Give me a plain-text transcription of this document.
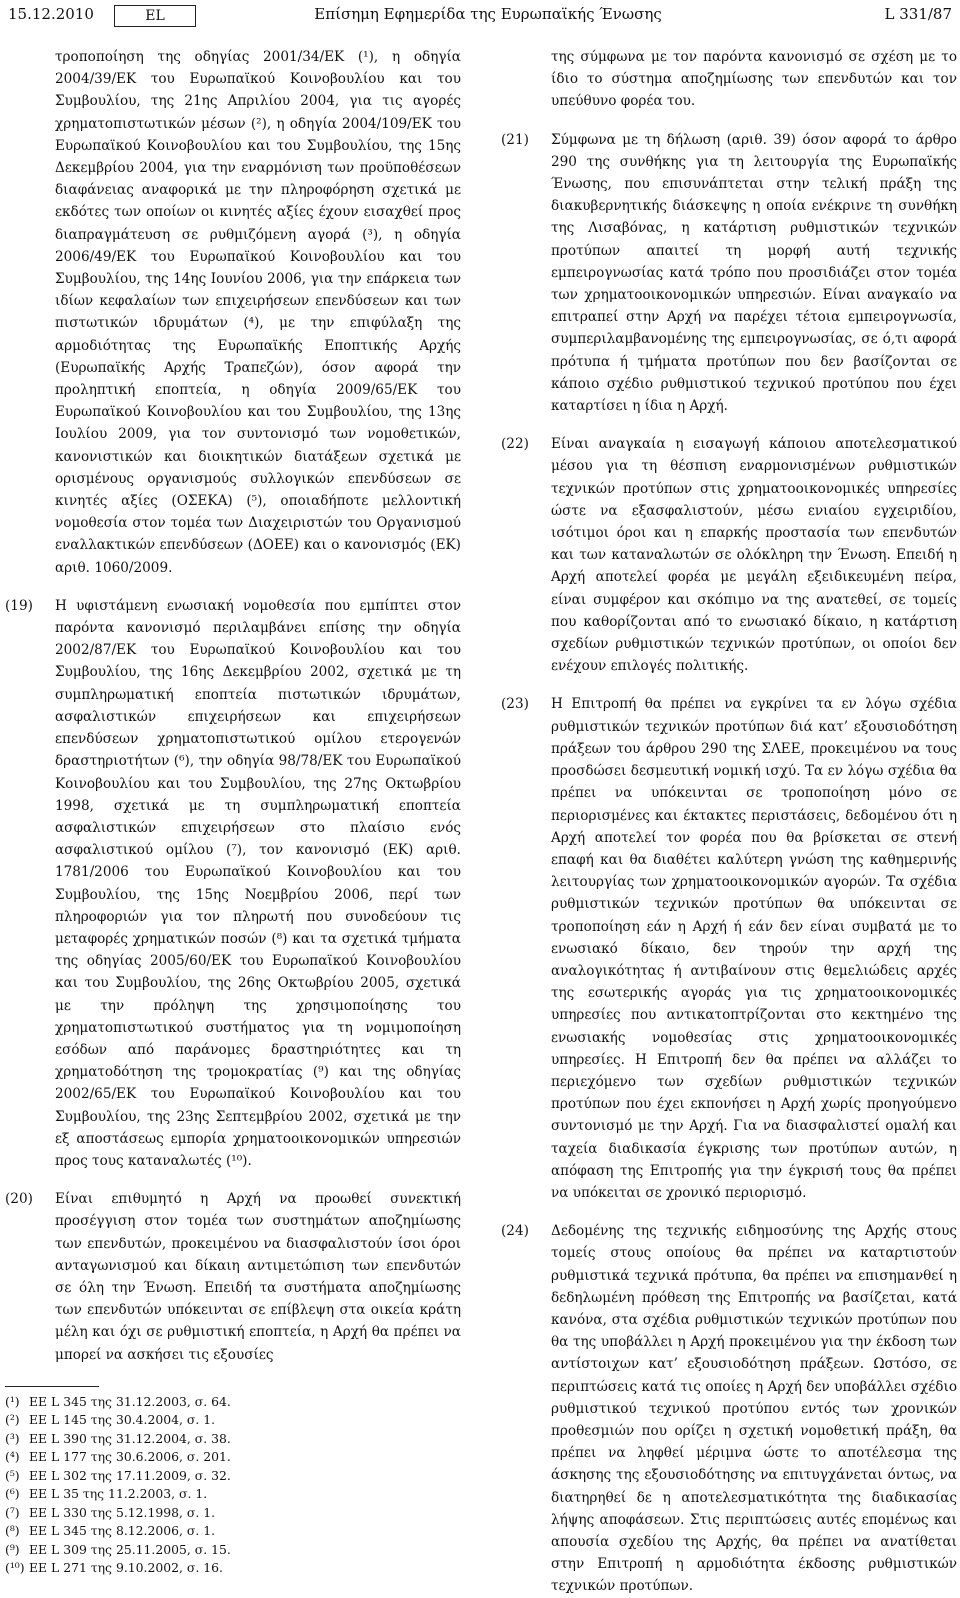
15.12.2010	EL	Επίσημη Εφημερίδα της Ευρωπαϊκής Ένωσης	L 331/87

τροποποίηση της οδηγίας 2001/34/ΕΚ (¹), η οδηγία 2004/39/ΕΚ του Ευρωπαϊκού Κοινοβουλίου και του Συμβουλίου, της 21ης Απριλίου 2004, για τις αγορές χρηματοπιστωτικών μέσων (²), η οδηγία 2004/109/ΕΚ του Ευρωπαϊκού Κοινοβουλίου και του Συμβουλίου, της 15ης Δεκεμβρίου 2004, για την εναρμόνιση των προϋποθέσεων διαφάνειας αναφορικά με την πληροφόρηση σχετικά με εκδότες των οποίων οι κινητές αξίες έχουν εισαχθεί προς διαπραγμάτευση σε ρυθμιζόμενη αγορά (³), η οδηγία 2006/49/ΕΚ του Ευρωπαϊκού Κοινοβουλίου και του Συμβουλίου, της 14ης Ιουνίου 2006, για την επάρκεια των ιδίων κεφαλαίων των επιχειρήσεων επενδύσεων και των πιστωτικών ιδρυμάτων (⁴), με την επιφύλαξη της αρμοδιότητας της Ευρωπαϊκής Εποπτικής Αρχής (Ευρωπαϊκής Αρχής Τραπεζών), όσον αφορά την προληπτική εποπτεία, η οδηγία 2009/65/ΕΚ του Ευρωπαϊκού Κοινοβουλίου και του Συμβουλίου, της 13ης Ιουλίου 2009, για τον συντονισμό των νομοθετικών, κανονιστικών και διοικητικών διατάξεων σχετικά με ορισμένους οργανισμούς συλλογικών επενδύσεων σε κινητές αξίες (ΟΣΕΚΑ) (⁵), οποιαδήποτε μελλοντική νομοθεσία στον τομέα των Διαχειριστών του Οργανισμού εναλλακτικών επενδύσεων (ΔΟΕΕ) και ο κανονισμός (ΕΚ) αριθ. 1060/2009.

(19)	Η υφιστάμενη ενωσιακή νομοθεσία που εμπίπτει στον παρόντα κανονισμό περιλαμβάνει επίσης την οδηγία 2002/87/ΕΚ του Ευρωπαϊκού Κοινοβουλίου και του Συμβουλίου, της 16ης Δεκεμβρίου 2002, σχετικά με τη συμπληρωματική εποπτεία πιστωτικών ιδρυμάτων, ασφαλιστικών επιχειρήσεων και επιχειρήσεων επενδύσεων χρηματοπιστωτικού ομίλου ετερογενών δραστηριοτήτων (⁶), την οδηγία 98/78/ΕΚ του Ευρωπαϊκού Κοινοβουλίου και του Συμβουλίου, της 27ης Οκτωβρίου 1998, σχετικά με τη συμπληρωματική εποπτεία ασφαλιστικών επιχειρήσεων στο πλαίσιο ενός ασφαλιστικού ομίλου (⁷), τον κανονισμό (ΕΚ) αριθ. 1781/2006 του Ευρωπαϊκού Κοινοβουλίου και του Συμβουλίου, της 15ης Νοεμβρίου 2006, περί των πληροφοριών για τον πληρωτή που συνοδεύουν τις μεταφορές χρηματικών ποσών (⁸) και τα σχετικά τμήματα της οδηγίας 2005/60/ΕΚ του Ευρωπαϊκού Κοινοβουλίου και του Συμβουλίου, της 26ης Οκτωβρίου 2005, σχετικά με την πρόληψη της χρησιμοποίησης του χρηματοπιστωτικού συστήματος για τη νομιμοποίηση εσόδων από παράνομες δραστηριότητες και τη χρηματοδότηση της τρομοκρατίας (⁹) και της οδηγίας 2002/65/ΕΚ του Ευρωπαϊκού Κοινοβουλίου και του Συμβουλίου, της 23ης Σεπτεμβρίου 2002, σχετικά με την εξ αποστάσεως εμπορία χρηματοοικονομικών υπηρεσιών προς τους καταναλωτές (¹⁰).
(20)	Είναι επιθυμητό η Αρχή να προωθεί συνεκτική προσέγγιση στον τομέα των συστημάτων αποζημίωσης των επενδυτών, προκειμένου να διασφαλιστούν ίσοι όροι ανταγωνισμού και δίκαιη αντιμετώπιση των επενδυτών σε όλη την Ένωση. Επειδή τα συστήματα αποζημίωσης των επενδυτών υπόκεινται σε επίβλεψη στα οικεία κράτη μέλη και όχι σε ρυθμιστική εποπτεία, η Αρχή θα πρέπει να μπορεί να ασκήσει τις εξουσίες
(¹) ΕΕ L 345 της 31.12.2003, σ. 64.
(²) ΕΕ L 145 της 30.4.2004, σ. 1.
(³) ΕΕ L 390 της 31.12.2004, σ. 38.
(⁴) ΕΕ L 177 της 30.6.2006, σ. 201.
(⁵) ΕΕ L 302 της 17.11.2009, σ. 32.
(⁶) ΕΕ L 35 της 11.2.2003, σ. 1.
(⁷) ΕΕ L 330 της 5.12.1998, σ. 1.
(⁸) ΕΕ L 345 της 8.12.2006, σ. 1.
(⁹) ΕΕ L 309 της 25.11.2005, σ. 15.
(¹⁰) ΕΕ L 271 της 9.10.2002, σ. 16.

της σύμφωνα με τον παρόντα κανονισμό σε σχέση με το ίδιο το σύστημα αποζημίωσης των επενδυτών και τον υπεύθυνο φορέα του.

(21)	Σύμφωνα με τη δήλωση (αριθ. 39) όσον αφορά το άρθρο 290 της συνθήκης για τη λειτουργία της Ευρωπαϊκής Ένωσης, που επισυνάπτεται στην τελική πράξη της διακυβερνητικής διάσκεψης η οποία ενέκρινε τη συνθήκη της Λισαβόνας, η κατάρτιση ρυθμιστικών τεχνικών προτύπων απαιτεί τη μορφή αυτή τεχνικής εμπειρογνωσίας κατά τρόπο που προσιδιάζει στον τομέα των χρηματοοικονομικών υπηρεσιών. Είναι αναγκαίο να επιτραπεί στην Αρχή να παρέχει τέτοια εμπειρογνωσία, συμπεριλαμβανομένης της εμπειρογνωσίας, σε ό,τι αφορά πρότυπα ή τμήματα προτύπων που δεν βασίζονται σε κάποιο σχέδιο ρυθμιστικού τεχνικού προτύπου που έχει καταρτίσει η ίδια η Αρχή.
(22)	Είναι αναγκαία η εισαγωγή κάποιου αποτελεσματικού μέσου για τη θέσπιση εναρμονισμένων ρυθμιστικών τεχνικών προτύπων στις χρηματοοικονομικές υπηρεσίες ώστε να εξασφαλιστούν, μέσω ενιαίου εγχειριδίου, ισότιμοι όροι και η επαρκής προστασία των επενδυτών και των καταναλωτών σε ολόκληρη την Ένωση. Επειδή η Αρχή αποτελεί φορέα με μεγάλη εξειδικευμένη πείρα, είναι συμφέρον και σκόπιμο να της ανατεθεί, σε τομείς που καθορίζονται από το ενωσιακό δίκαιο, η κατάρτιση σχεδίων ρυθμιστικών τεχνικών προτύπων, οι οποίοι δεν ενέχουν επιλογές πολιτικής.
(23)	Η Επιτροπή θα πρέπει να εγκρίνει τα εν λόγω σχέδια ρυθμιστικών τεχνικών προτύπων διά κατ’ εξουσιοδότηση πράξεων του άρθρου 290 της ΣΛΕΕ, προκειμένου να τους προσδώσει δεσμευτική νομική ισχύ. Τα εν λόγω σχέδια θα πρέπει να υπόκεινται σε τροποποίηση μόνο σε περιορισμένες και έκτακτες περιστάσεις, δεδομένου ότι η Αρχή αποτελεί τον φορέα που θα βρίσκεται σε στενή επαφή και θα διαθέτει καλύτερη γνώση της καθημερινής λειτουργίας των χρηματοοικονομικών αγορών. Τα σχέδια ρυθμιστικών τεχνικών προτύπων θα υπόκεινται σε τροποποίηση εάν η Αρχή ή εάν δεν είναι συμβατά με το ενωσιακό δίκαιο, δεν τηρούν την αρχή της αναλογικότητας ή αντιβαίνουν στις θεμελιώδεις αρχές της εσωτερικής αγοράς για τις χρηματοοικονομικές υπηρεσίες που αντικατοπτρίζονται στο κεκτημένο της ενωσιακής νομοθεσίας στις χρηματοοικονομικές υπηρεσίες. Η Επιτροπή δεν θα πρέπει να αλλάζει το περιεχόμενο των σχεδίων ρυθμιστικών τεχνικών προτύπων που έχει εκπονήσει η Αρχή χωρίς προηγούμενο συντονισμό με την Αρχή. Για να διασφαλιστεί ομαλή και ταχεία διαδικασία έγκρισης των προτύπων αυτών, η απόφαση της Επιτροπής για την έγκρισή τους θα πρέπει να υπόκειται σε χρονικό περιορισμό.
(24)	Δεδομένης της τεχνικής ειδημοσύνης της Αρχής στους τομείς στους οποίους θα πρέπει να καταρτιστούν ρυθμιστικά τεχνικά πρότυπα, θα πρέπει να επισημανθεί η δεδηλωμένη πρόθεση της Επιτροπής να βασίζεται, κατά κανόνα, στα σχέδια ρυθμιστικών τεχνικών προτύπων που θα της υποβάλλει η Αρχή προκειμένου για την έκδοση των αντίστοιχων κατ’ εξουσιοδότηση πράξεων. Ωστόσο, σε περιπτώσεις κατά τις οποίες η Αρχή δεν υποβάλλει σχέδιο ρυθμιστικού τεχνικού προτύπου εντός των χρονικών προθεσμιών που ορίζει η σχετική νομοθετική πράξη, θα πρέπει να ληφθεί μέριμνα ώστε το αποτέλεσμα της άσκησης της εξουσιοδότησης να επιτυγχάνεται όντως, να διατηρηθεί δε η αποτελεσματικότητα της διαδικασίας λήψης αποφάσεων. Στις περιπτώσεις αυτές επομένως και απουσία σχεδίου της Αρχής, θα πρέπει να ανατίθεται στην Επιτροπή η αρμοδιότητα έκδοσης ρυθμιστικών τεχνικών προτύπων.
